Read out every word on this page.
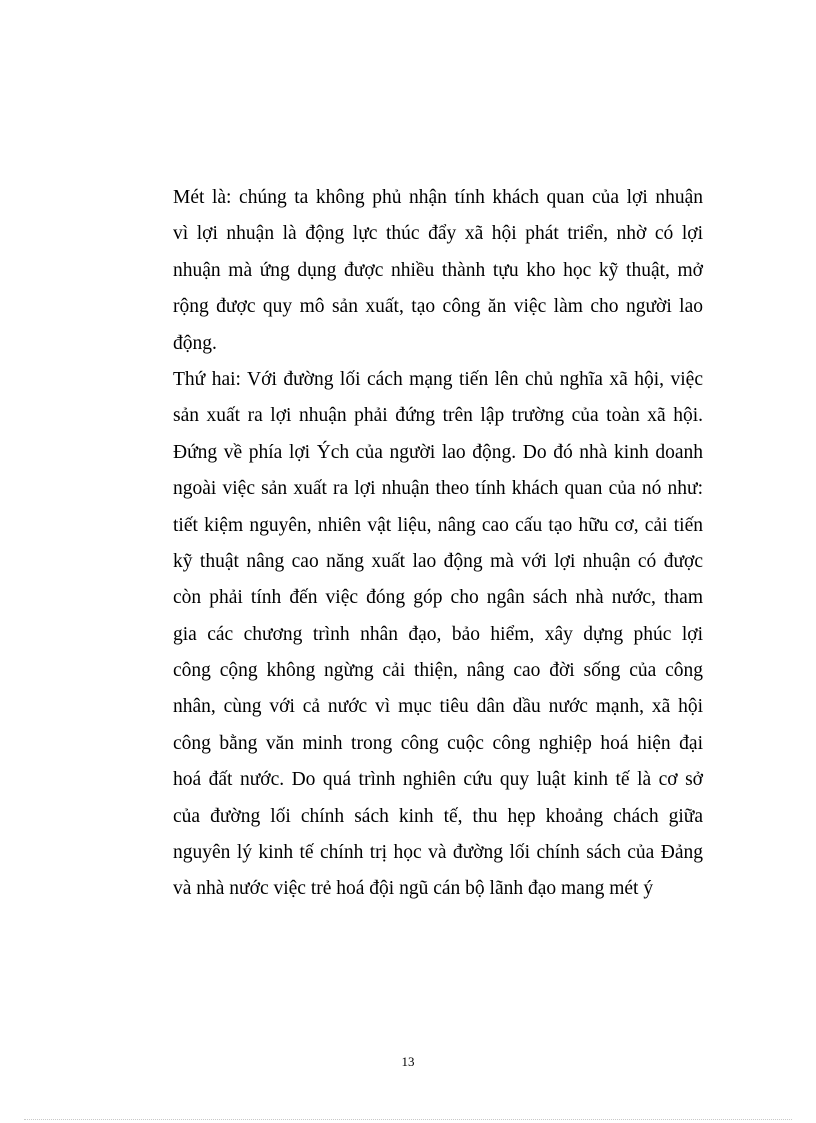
Mét là: chúng ta không phủ nhận tính khách quan của lợi nhuận
vì lợi nhuận là động lực thúc đẩy xã hội phát triển, nhờ có lợi
nhuận mà ứng dụng được nhiều thành tựu kho học kỹ thuật, mở
rộng được quy mô sản xuất, tạo công ăn việc làm cho người lao
động.
Thứ hai: Với đường lối cách mạng tiến lên chủ nghĩa xã hội, việc
sản xuất ra lợi nhuận phải đứng trên lập trường của toàn xã hội.
Đứng về phía lợi Ých của người lao động. Do đó nhà kinh doanh
ngoài việc sản xuất ra lợi nhuận theo tính khách quan của nó như:
tiết kiệm nguyên, nhiên vật liệu, nâng cao cấu tạo hữu cơ, cải tiến
kỹ thuật nâng cao năng xuất lao động mà với lợi nhuận có được
còn phải tính đến việc đóng góp cho ngân sách nhà nước, tham
gia các chương trình nhân đạo, bảo hiểm, xây dựng phúc lợi
công cộng không ngừng cải thiện, nâng cao đời sống của công
nhân, cùng với cả nước vì mục tiêu dân dầu nước mạnh, xã hội
công bằng văn minh trong công cuộc công nghiệp hoá hiện đại
hoá đất nước. Do quá trình nghiên cứu quy luật kinh tế là cơ sở
của đường lối chính sách kinh tế, thu hẹp khoảng chách giữa
nguyên lý kinh tế chính trị học và đường lối chính sách của Đảng
và nhà nước việc trẻ hoá đội ngũ cán bộ lãnh đạo mang mét ý
13
